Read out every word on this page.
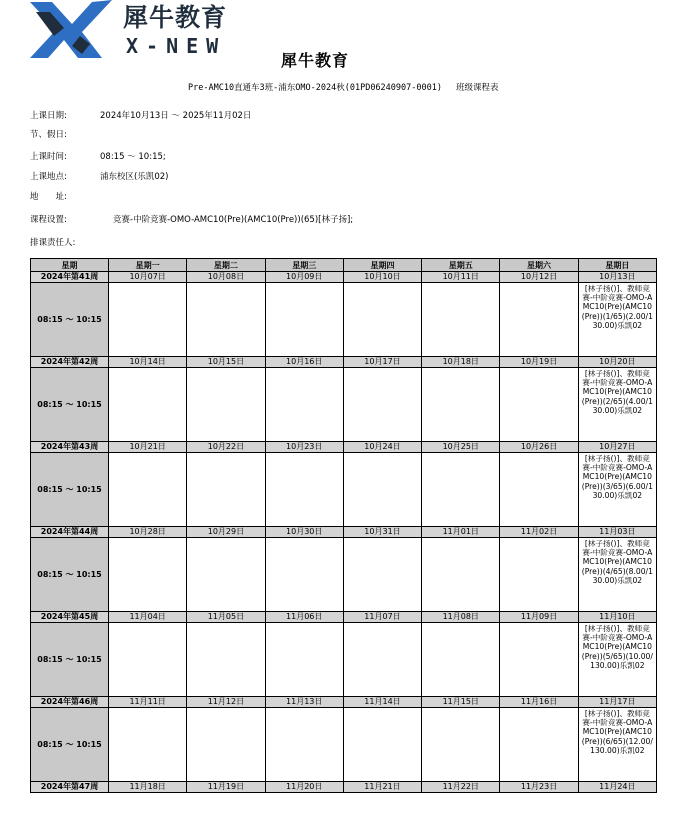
犀牛教育
X-NEW
犀牛教育
Pre-AMC10直通车3班-浦东OMO-2024秋(01PD06240907-0001) 班级课程表
上课日期:	2024年10月13日 ～ 2025年11月02日
节、假日:
上课时间:	08:15 ～ 10:15;
上课地点:	浦东校区(乐凯02)
地　　址:
课程设置:	竞赛-中阶竞赛-OMO-AMC10(Pre)(AMC10(Pre))(65)[林子扬];
排课责任人:
星期	星期一	星期二	星期三	星期四	星期五	星期六	星期日
2024年第41周	10月07日	10月08日	10月09日	10月10日	10月11日	10月12日	10月13日
08:15 ～ 10:15							[林子扬()]、教师竞赛-中阶竞赛-OMO-AMC10(Pre)(AMC10(Pre))(1/65)(2.00/130.00)乐凯02
2024年第42周	10月14日	10月15日	10月16日	10月17日	10月18日	10月19日	10月20日
08:15 ～ 10:15							[林子扬()]、教师竞赛-中阶竞赛-OMO-AMC10(Pre)(AMC10(Pre))(2/65)(4.00/130.00)乐凯02
2024年第43周	10月21日	10月22日	10月23日	10月24日	10月25日	10月26日	10月27日
08:15 ～ 10:15							[林子扬()]、教师竞赛-中阶竞赛-OMO-AMC10(Pre)(AMC10(Pre))(3/65)(6.00/130.00)乐凯02
2024年第44周	10月28日	10月29日	10月30日	10月31日	11月01日	11月02日	11月03日
08:15 ～ 10:15							[林子扬()]、教师竞赛-中阶竞赛-OMO-AMC10(Pre)(AMC10(Pre))(4/65)(8.00/130.00)乐凯02
2024年第45周	11月04日	11月05日	11月06日	11月07日	11月08日	11月09日	11月10日
08:15 ～ 10:15							[林子扬()]、教师竞赛-中阶竞赛-OMO-AMC10(Pre)(AMC10(Pre))(5/65)(10.00/130.00)乐凯02
2024年第46周	11月11日	11月12日	11月13日	11月14日	11月15日	11月16日	11月17日
08:15 ～ 10:15							[林子扬()]、教师竞赛-中阶竞赛-OMO-AMC10(Pre)(AMC10(Pre))(6/65)(12.00/130.00)乐凯02
2024年第47周	11月18日	11月19日	11月20日	11月21日	11月22日	11月23日	11月24日
